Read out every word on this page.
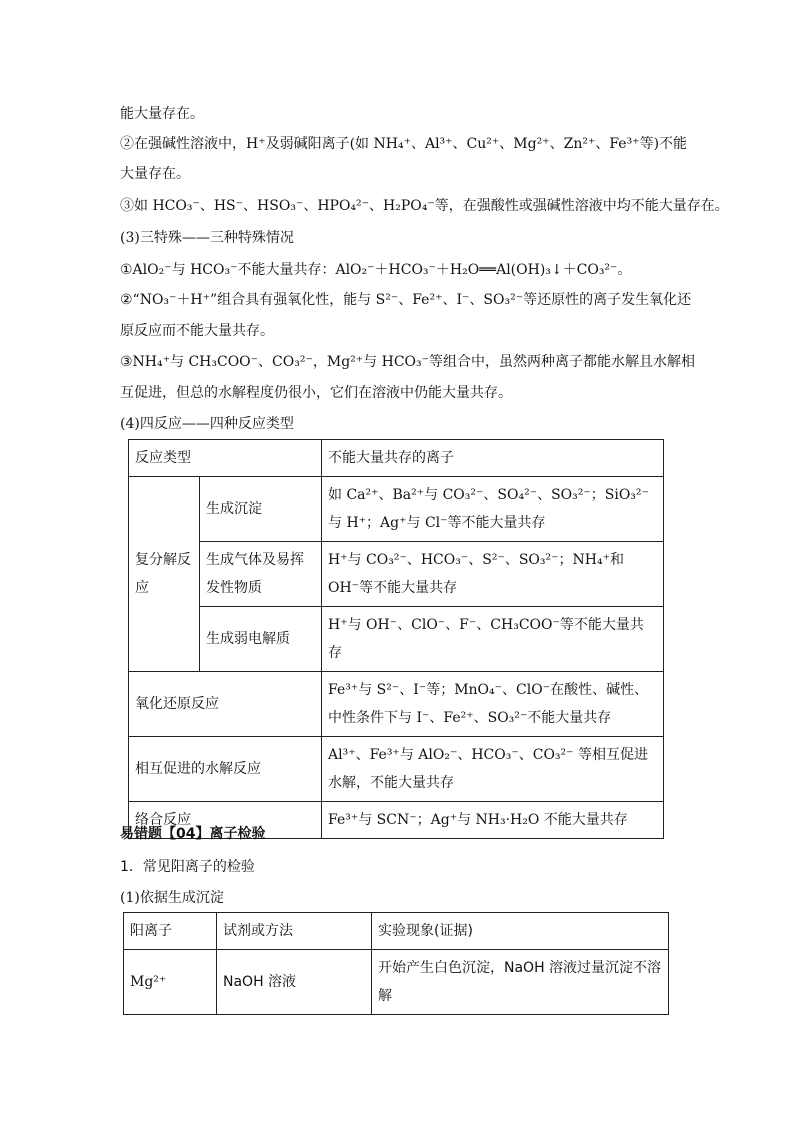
能大量存在。
②在强碱性溶液中，H⁺及弱碱阳离子(如 NH₄⁺、Al³⁺、Cu²⁺、Mg²⁺、Zn²⁺、Fe³⁺等)不能
大量存在。
③如 HCO₃⁻、HS⁻、HSO₃⁻、HPO₄²⁻、H₂PO₄⁻等，在强酸性或强碱性溶液中均不能大量存在。
(3)三特殊——三种特殊情况
①AlO₂⁻与 HCO₃⁻不能大量共存：AlO₂⁻＋HCO₃⁻＋H₂O══Al(OH)₃↓＋CO₃²⁻。
②“NO₃⁻＋H⁺”组合具有强氧化性，能与 S²⁻、Fe²⁺、I⁻、SO₃²⁻等还原性的离子发生氧化还
原反应而不能大量共存。
③NH₄⁺与 CH₃COO⁻、CO₃²⁻，Mg²⁺与 HCO₃⁻等组合中，虽然两种离子都能水解且水解相
互促进，但总的水解程度仍很小，它们在溶液中仍能大量共存。
(4)四反应——四种反应类型
反应类型		不能大量共存的离子

复分解反应	生成沉淀	如 Ca²⁺、Ba²⁺与 CO₃²⁻、SO₄²⁻、SO₃²⁻；SiO₃²⁻与 H⁺；Ag⁺与 Cl⁻等不能大量共存

	生成气体及易挥发性物质	H⁺与 CO₃²⁻、HCO₃⁻、S²⁻、SO₃²⁻；NH₄⁺和 OH⁻等不能大量共存

	生成弱电解质	H⁺与 OH⁻、ClO⁻、F⁻、CH₃COO⁻等不能大量共存

氧化还原反应		Fe³⁺与 S²⁻、I⁻等；MnO₄⁻、ClO⁻在酸性、碱性、中性条件下与 I⁻、Fe²⁺、SO₃²⁻不能大量共存

相互促进的水解反应		Al³⁺、Fe³⁺与 AlO₂⁻、HCO₃⁻、CO₃²⁻ 等相互促进水解，不能大量共存

络合反应		Fe³⁺与 SCN⁻；Ag⁺与 NH₃·H₂O 不能大量共存
易错题【04】离子检验
1．常见阳离子的检验
(1)依据生成沉淀
阳离子	试剂或方法	实验现象(证据)
Mg²⁺	NaOH 溶液	开始产生白色沉淀，NaOH 溶液过量沉淀不溶解
